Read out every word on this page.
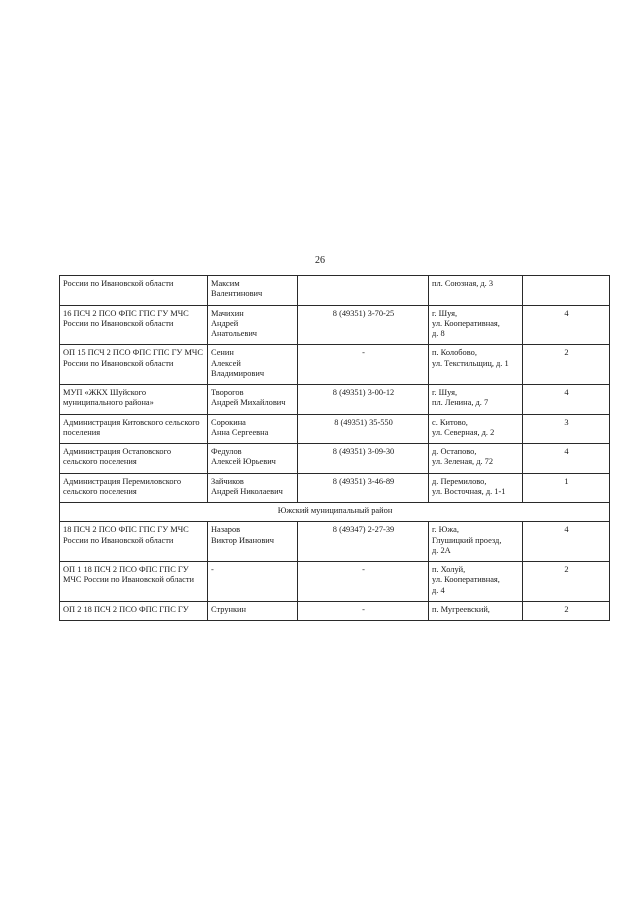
26
России по Ивановской области	Максим
Валентинович		пл. Союзная, д. 3	
16 ПСЧ 2 ПСО ФПС ГПС ГУ МЧС России по Ивановской области	Мачихин
Андрей
Анатольевич	8 (49351) 3-70-25	г. Шуя,
ул. Кооперативная,
д. 8	4
ОП 15 ПСЧ 2 ПСО ФПС ГПС ГУ МЧС России по Ивановской области	Сенин
Алексей
Владимирович	-	п. Колобово,
ул. Текстильщиц, д. 1	2
МУП «ЖКХ Шуйского муниципального района»	Творогов
Андрей Михайлович	8 (49351) 3-00-12	г. Шуя,
пл. Ленина, д. 7	4
Администрация Китовского сельского поселения	Сорокина
Анна Сергеевна	8 (49351) 35-550	с. Китово,
ул. Северная, д. 2	3
Администрация Остаповского сельского поселения	Федулов
Алексей Юрьевич	8 (49351) 3-09-30	д. Остапово,
ул. Зеленая, д. 72	4
Администрация Перемиловского сельского поселения	Зайчиков
Андрей Николаевич	8 (49351) 3-46-89	д. Перемилово,
ул. Восточная, д. 1-1	1
Южский муниципальный район				
18 ПСЧ 2 ПСО ФПС ГПС ГУ МЧС России по Ивановской области	Назаров
Виктор Иванович	8 (49347) 2-27-39	г. Южа,
Глушицкий проезд,
д. 2А	4
ОП 1 18 ПСЧ 2 ПСО ФПС ГПС ГУ МЧС России по Ивановской области	-	-	п. Холуй,
ул. Кооперативная,
д. 4	2
ОП 2 18 ПСЧ 2 ПСО ФПС ГПС ГУ	Стрункин	-	п. Мугреевский,	2
